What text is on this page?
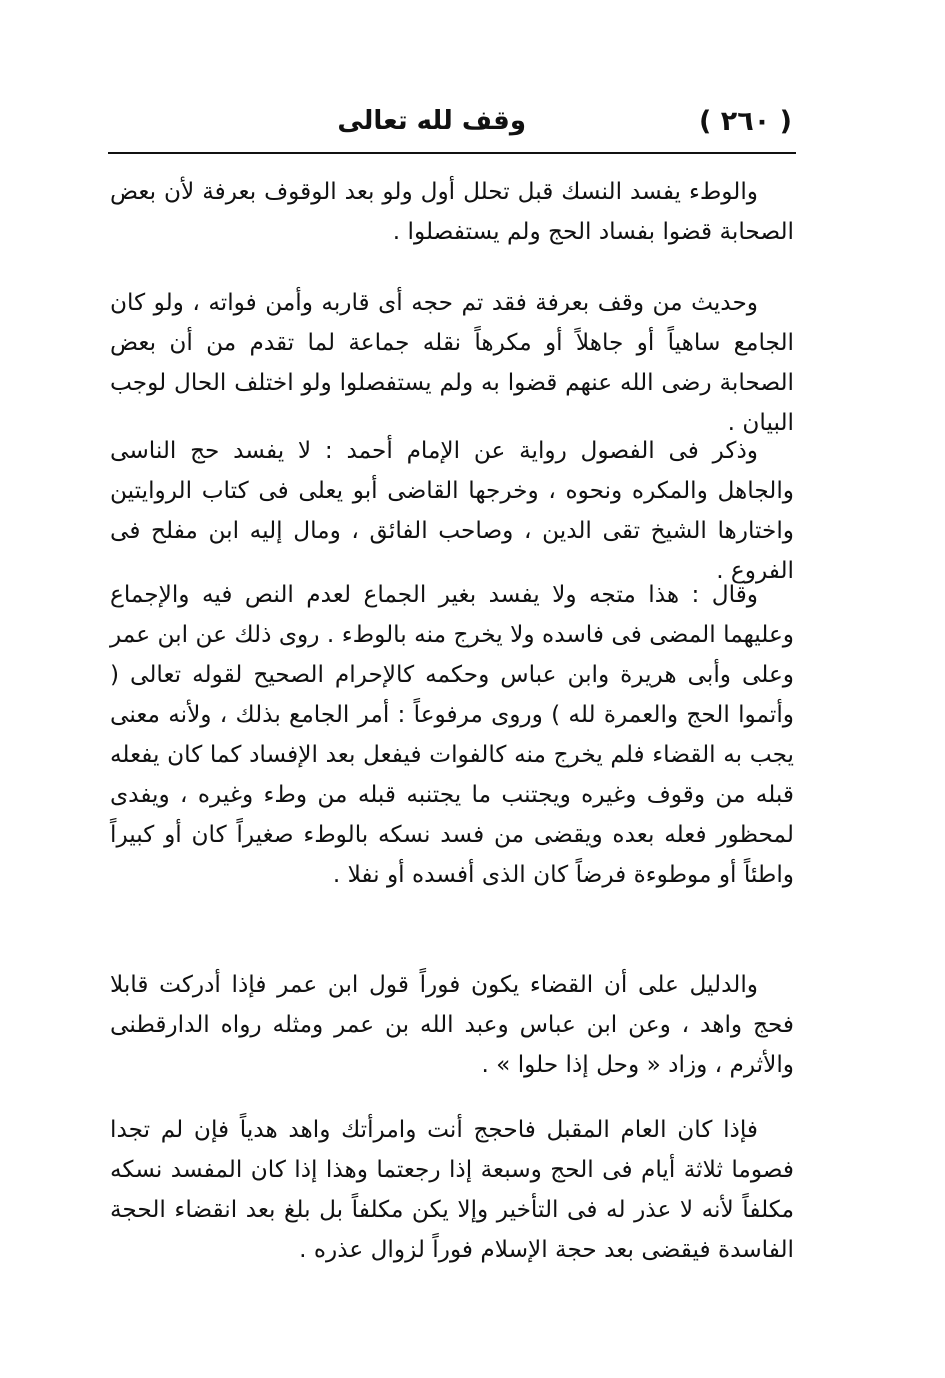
( ٢٦٠ )
وقف لله تعالى

والوطء يفسد النسك قبل تحلل أول ولو بعد الوقوف بعرفة لأن بعض الصحابة قضوا بفساد الحج ولم يستفصلوا .

وحديث من وقف بعرفة فقد تم حجه أى قاربه وأمن فواته ، ولو كان الجامع ساهياً أو جاهلاً أو مكرهاً نقله جماعة لما تقدم من أن بعض الصحابة رضى الله عنهم قضوا به ولم يستفصلوا ولو اختلف الحال لوجب البيان .

وذكر فى الفصول رواية عن الإمام أحمد : لا يفسد حج الناسى والجاهل والمكره ونحوه ، وخرجها القاضى أبو يعلى فى كتاب الروايتين واختارها الشيخ تقى الدين ، وصاحب الفائق ، ومال إليه ابن مفلح فى الفروع .

وقال : هذا متجه ولا يفسد بغير الجماع لعدم النص فيه والإجماع وعليهما المضى فى فاسده ولا يخرج منه بالوطء . روى ذلك عن ابن عمر وعلى وأبى هريرة وابن عباس وحكمه كالإحرام الصحيح لقوله تعالى ( وأتموا الحج والعمرة لله ) وروى مرفوعاً : أمر الجامع بذلك ، ولأنه معنى يجب به القضاء فلم يخرج منه كالفوات فيفعل بعد الإفساد كما كان يفعله قبله من وقوف وغيره ويجتنب ما يجتنبه قبله من وطء وغيره ، ويفدى لمحظور فعله بعده ويقضى من فسد نسكه بالوطء صغيراً كان أو كبيراً واطئاً أو موطوءة فرضاً كان الذى أفسده أو نفلا .

والدليل على أن القضاء يكون فوراً قول ابن عمر فإذا أدركت قابلا فحج واهد ، وعن ابن عباس وعبد الله بن عمر ومثله رواه الدارقطنى والأثرم ، وزاد « وحل إذا حلوا » .

فإذا كان العام المقبل فاحجج أنت وامرأتك واهد هدياً فإن لم تجدا فصوما ثلاثة أيام فى الحج وسبعة إذا رجعتما وهذا إذا كان المفسد نسكه مكلفاً لأنه لا عذر له فى التأخير وإلا يكن مكلفاً بل بلغ بعد انقضاء الحجة الفاسدة فيقضى بعد حجة الإسلام فوراً لزوال عذره .
